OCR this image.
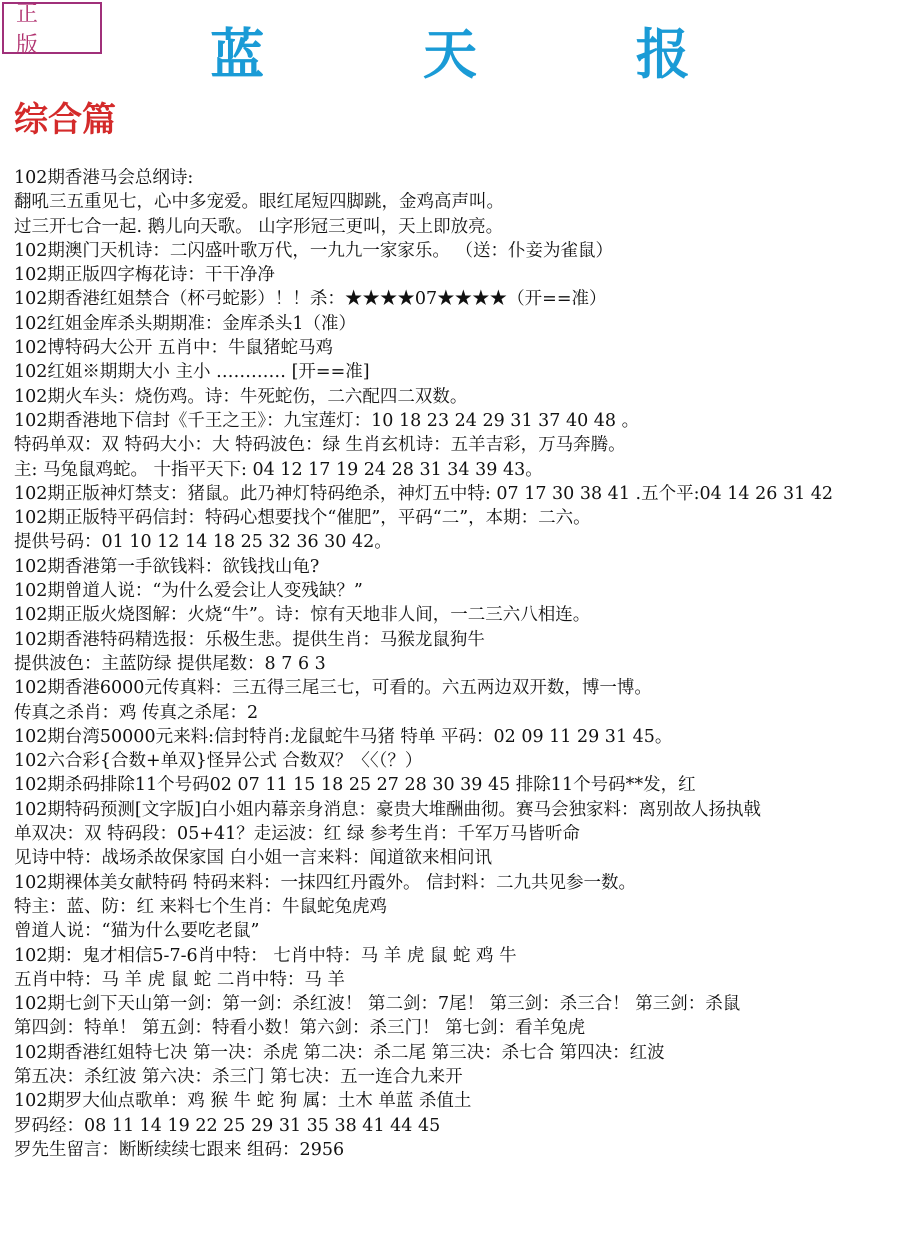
正 版	蓝 天 报
综合篇
102期香港马会总纲诗:
翻吼三五重见七，心中多宠爱。眼红尾短四脚跳，金鸡高声叫。
过三开七合一起. 鹅儿向天歌。 山字形冠三更叫，天上即放亮。
102期澳门天机诗：二闪盛叶歌万代，一九九一家家乐。 （送：仆妾为雀鼠）
102期正版四字梅花诗：干干净净
102期香港红姐禁合（杯弓蛇影）！！杀：★★★★07★★★★（开==准）
102红姐金库杀头期期准：金库杀头1（准）
102博特码大公开 五肖中：牛鼠猪蛇马鸡
102红姐※期期大小 主小 ………… [开==准]
102期火车头：烧伤鸡。诗：牛死蛇伤，二六配四二双数。
102期香港地下信封《千王之王》：九宝莲灯：10 18 23 24 29 31 37 40 48 。
特码单双：双 特码大小：大 特码波色：绿 生肖玄机诗：五羊吉彩，万马奔腾。
主: 马兔鼠鸡蛇。 十指平天下: 04 12 17 19 24 28 31 34 39 43。
102期正版神灯禁支：猪鼠。此乃神灯特码绝杀，神灯五中特: 07 17 30 38 41 .五个平:04 14 26 31 42
102期正版特平码信封：特码心想要找个“催肥”，平码“二”，本期：二六。
提供号码：01 10 12 14 18 25 32 36 30 42。
102期香港第一手欲钱料：欲钱找山龟?
102期曾道人说：“为什么爱会让人变残缺？”
102期正版火烧图解：火烧“牛”。诗：惊有天地非人间，一二三六八相连。
102期香港特码精选报：乐极生悲。提供生肖：马猴龙鼠狗牛
提供波色：主蓝防绿 提供尾数：8 7 6 3
102期香港6000元传真料：三五得三尾三七，可看的。六五两边双开数，博一博。
传真之杀肖：鸡 传真之杀尾：2
102期台湾50000元来料:信封特肖:龙鼠蛇牛马猪 特单 平码：02 09 11 29 31 45。
102六合彩{合数+单双}怪异公式 合数双？〈〈（？）
102期杀码排除11个号码02 07 11 15 18 25 27 28 30 39 45 排除11个号码**发，红
102期特码预测[文字版]白小姐内幕亲身消息：豪贵大堆酬曲彻。赛马会独家料：离别故人扬执戟
单双决：双 特码段：05+41？走运波：红 绿 参考生肖：千军万马皆听命
见诗中特：战场杀故保家国 白小姐一言来料：闻道欲来相问讯
102期裸体美女献特码 特码来料：一抹四红丹霞外。 信封料：二九共见参一数。
特主：蓝、防：红 来料七个生肖：牛鼠蛇兔虎鸡
曾道人说：“猫为什么要吃老鼠”
102期：鬼才相信5-7-6肖中特： 七肖中特：马 羊 虎 鼠 蛇 鸡 牛
五肖中特：马 羊 虎 鼠 蛇 二肖中特：马 羊
102期七剑下天山第一剑：第一剑：杀红波！ 第二剑：7尾！ 第三剑：杀三合！ 第三剑：杀鼠
第四剑：特单！ 第五剑：特看小数！第六剑：杀三门！ 第七剑：看羊兔虎
102期香港红姐特七决 第一决：杀虎 第二决：杀二尾 第三决：杀七合 第四决：红波
第五决：杀红波 第六决：杀三门 第七决：五一连合九来开
102期罗大仙点歌单：鸡 猴 牛 蛇 狗 属：土木 单蓝 杀值土
罗码经：08 11 14 19 22 25 29 31 35 38 41 44 45
罗先生留言：断断续续七跟来 组码：2956
